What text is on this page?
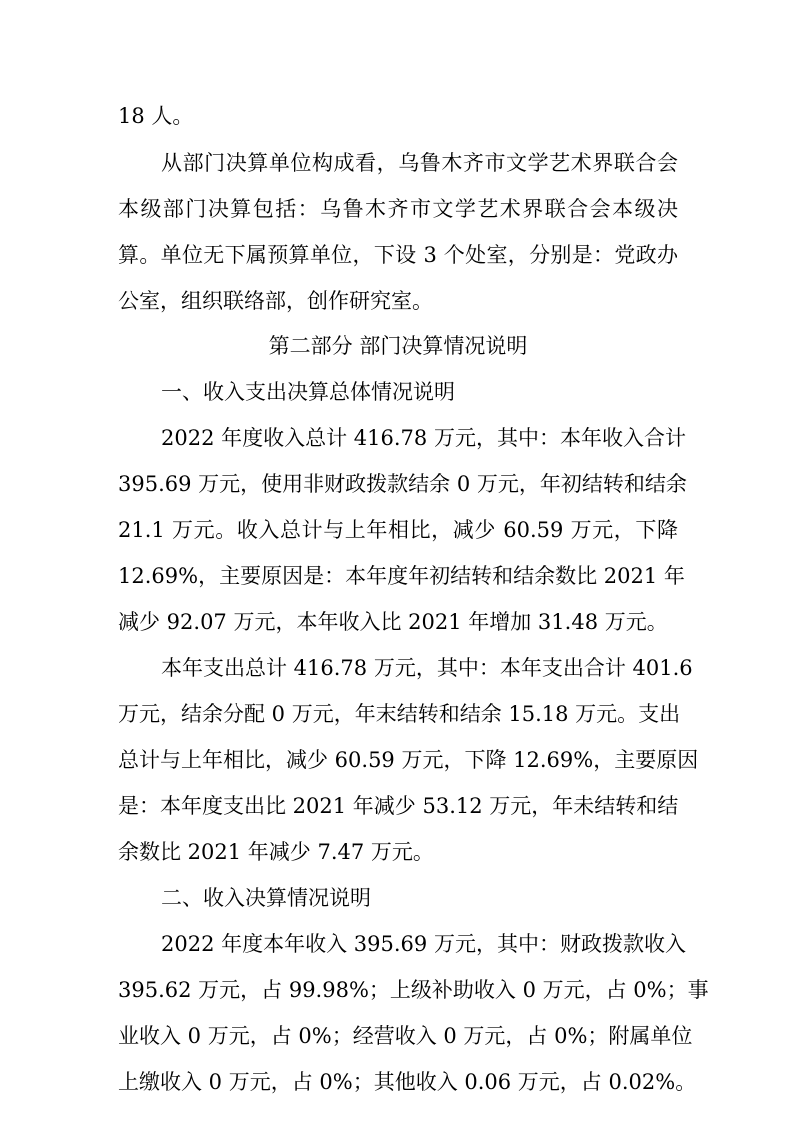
18 人。
从部门决算单位构成看，乌鲁木齐市文学艺术界联合会
本级部门决算包括：乌鲁木齐市文学艺术界联合会本级决
算。单位无下属预算单位，下设 3 个处室，分别是：党政办
公室，组织联络部，创作研究室。
第二部分 部门决算情况说明
一、收入支出决算总体情况说明
2022 年度收入总计 416.78 万元，其中：本年收入合计
395.69 万元，使用非财政拨款结余 0 万元，年初结转和结余
21.1 万元。收入总计与上年相比，减少 60.59 万元，下降
12.69%，主要原因是：本年度年初结转和结余数比 2021 年
减少 92.07 万元，本年收入比 2021 年增加 31.48 万元。
本年支出总计 416.78 万元，其中：本年支出合计 401.6
万元，结余分配 0 万元，年末结转和结余 15.18 万元。支出
总计与上年相比，减少 60.59 万元，下降 12.69%，主要原因
是：本年度支出比 2021 年减少 53.12 万元，年未结转和结
余数比 2021 年减少 7.47 万元。
二、收入决算情况说明
2022 年度本年收入 395.69 万元，其中：财政拨款收入
395.62 万元，占 99.98%；上级补助收入 0 万元，占 0%；事
业收入 0 万元，占 0%；经营收入 0 万元，占 0%；附属单位
上缴收入 0 万元，占 0%；其他收入 0.06 万元，占 0.02%。
